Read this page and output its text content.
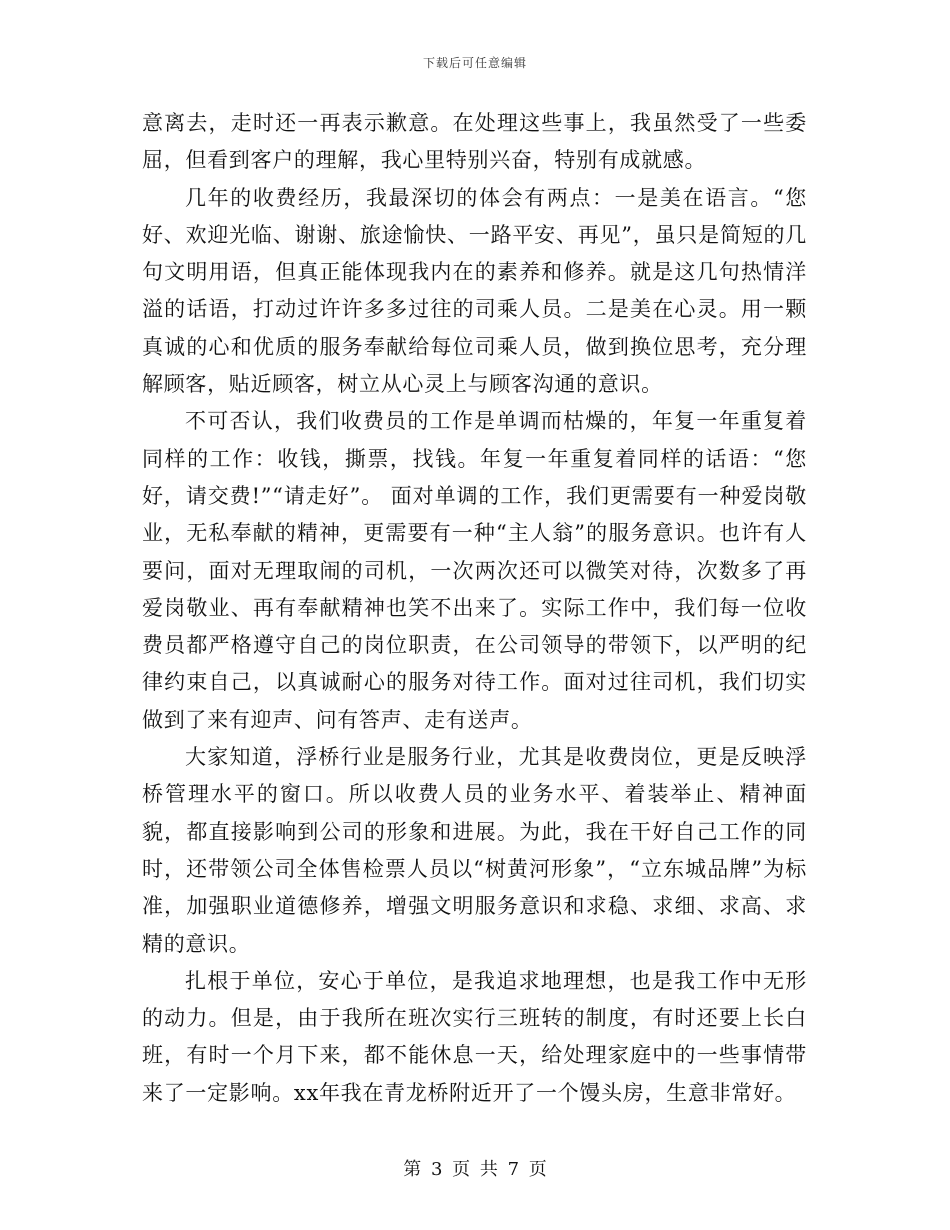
下载后可任意编辑

意离去，走时还一再表示歉意。在处理这些事上，我虽然受了一些委屈，但看到客户的理解，我心里特别兴奋，特别有成就感。

几年的收费经历，我最深切的体会有两点：一是美在语言。“您好、欢迎光临、谢谢、旅途愉快、一路平安、再见”，虽只是简短的几句文明用语，但真正能体现我内在的素养和修养。就是这几句热情洋溢的话语，打动过许许多多过往的司乘人员。二是美在心灵。用一颗真诚的心和优质的服务奉献给每位司乘人员，做到换位思考，充分理解顾客，贴近顾客，树立从心灵上与顾客沟通的意识。

不可否认，我们收费员的工作是单调而枯燥的，年复一年重复着同样的工作：收钱，撕票，找钱。年复一年重复着同样的话语：“您好，请交费!”“请走好”。 面对单调的工作，我们更需要有一种爱岗敬业，无私奉献的精神，更需要有一种“主人翁”的服务意识。也许有人要问，面对无理取闹的司机，一次两次还可以微笑对待，次数多了再爱岗敬业、再有奉献精神也笑不出来了。实际工作中，我们每一位收费员都严格遵守自己的岗位职责，在公司领导的带领下，以严明的纪律约束自己，以真诚耐心的服务对待工作。面对过往司机，我们切实做到了来有迎声、问有答声、走有送声。

大家知道，浮桥行业是服务行业，尤其是收费岗位，更是反映浮桥管理水平的窗口。所以收费人员的业务水平、着装举止、精神面貌，都直接影响到公司的形象和进展。为此，我在干好自己工作的同时，还带领公司全体售检票人员以“树黄河形象”，“立东城品牌”为标准，加强职业道德修养，增强文明服务意识和求稳、求细、求高、求精的意识。

扎根于单位，安心于单位，是我追求地理想，也是我工作中无形的动力。但是，由于我所在班次实行三班转的制度，有时还要上长白班，有时一个月下来，都不能休息一天，给处理家庭中的一些事情带来了一定影响。xx年我在青龙桥附近开了一个馒头房，生意非常好。

第 3 页 共 7 页
